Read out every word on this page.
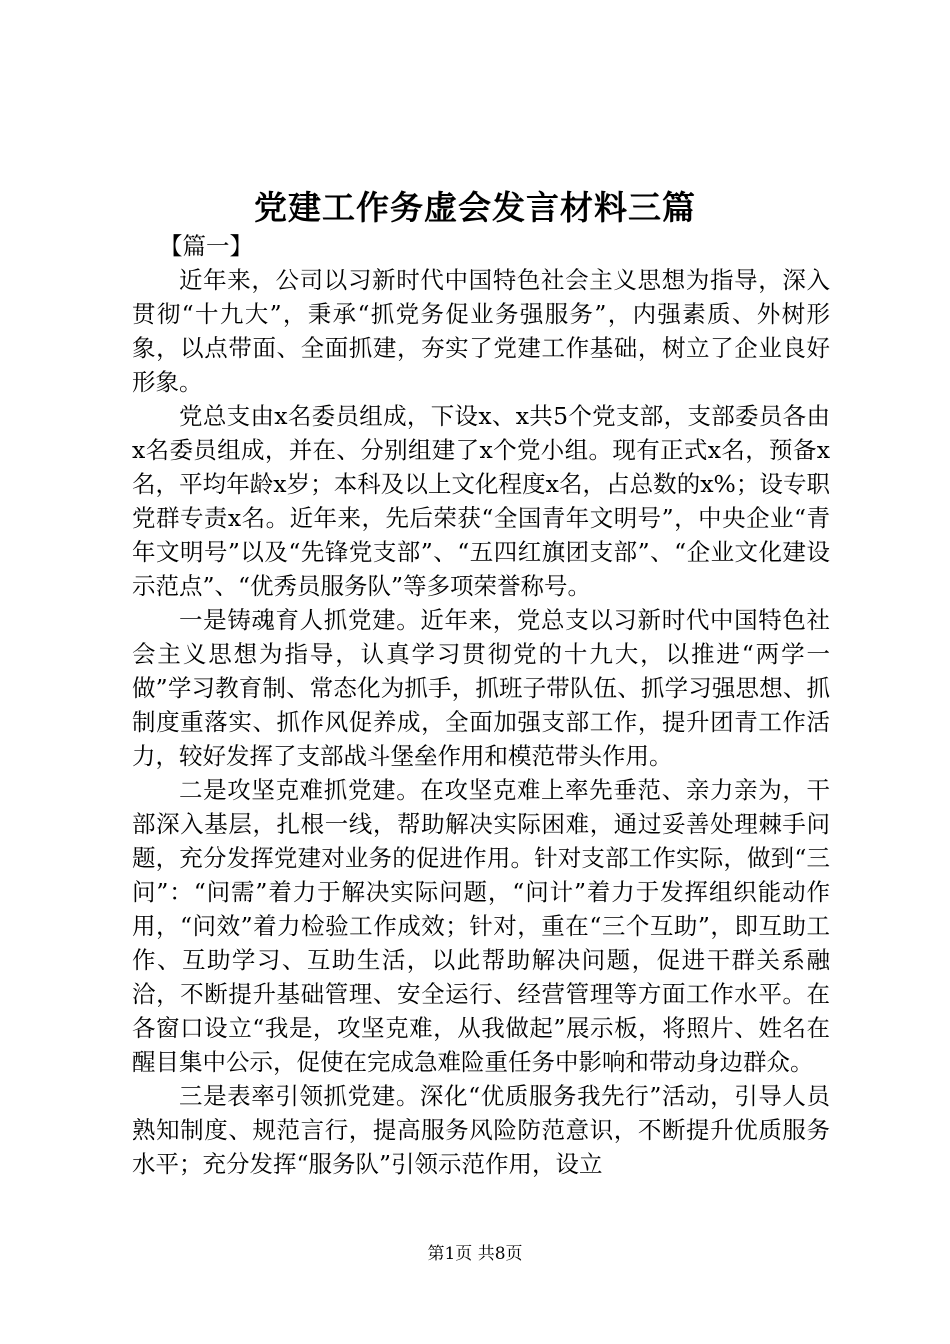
党建工作务虚会发言材料三篇

【篇一】

近年来，公司以习新时代中国特色社会主义思想为指导，深入贯彻“十九大”，秉承“抓党务促业务强服务”，内强素质、外树形象，以点带面、全面抓建，夯实了党建工作基础，树立了企业良好形象。

党总支由x名委员组成，下设x、x共5个党支部，支部委员各由x名委员组成，并在、分别组建了x个党小组。现有正式x名，预备x名，平均年龄x岁；本科及以上文化程度x名，占总数的x%；设专职党群专责x名。近年来，先后荣获“全国青年文明号”，中央企业“青年文明号”以及“先锋党支部”、“五四红旗团支部”、“企业文化建设示范点”、“优秀员服务队”等多项荣誉称号。

一是铸魂育人抓党建。近年来，党总支以习新时代中国特色社会主义思想为指导，认真学习贯彻党的十九大，以推进“两学一做”学习教育制、常态化为抓手，抓班子带队伍、抓学习强思想、抓制度重落实、抓作风促养成，全面加强支部工作，提升团青工作活力，较好发挥了支部战斗堡垒作用和模范带头作用。

二是攻坚克难抓党建。在攻坚克难上率先垂范、亲力亲为，干部深入基层，扎根一线，帮助解决实际困难，通过妥善处理棘手问题，充分发挥党建对业务的促进作用。针对支部工作实际，做到“三问”：“问需”着力于解决实际问题，“问计”着力于发挥组织能动作用，“问效”着力检验工作成效；针对，重在“三个互助”，即互助工作、互助学习、互助生活，以此帮助解决问题，促进干群关系融洽，不断提升基础管理、安全运行、经营管理等方面工作水平。在各窗口设立“我是，攻坚克难，从我做起”展示板，将照片、姓名在醒目集中公示，促使在完成急难险重任务中影响和带动身边群众。

三是表率引领抓党建。深化“优质服务我先行”活动，引导人员熟知制度、规范言行，提高服务风险防范意识，不断提升优质服务水平；充分发挥“服务队”引领示范作用，设立

第1页 共8页
